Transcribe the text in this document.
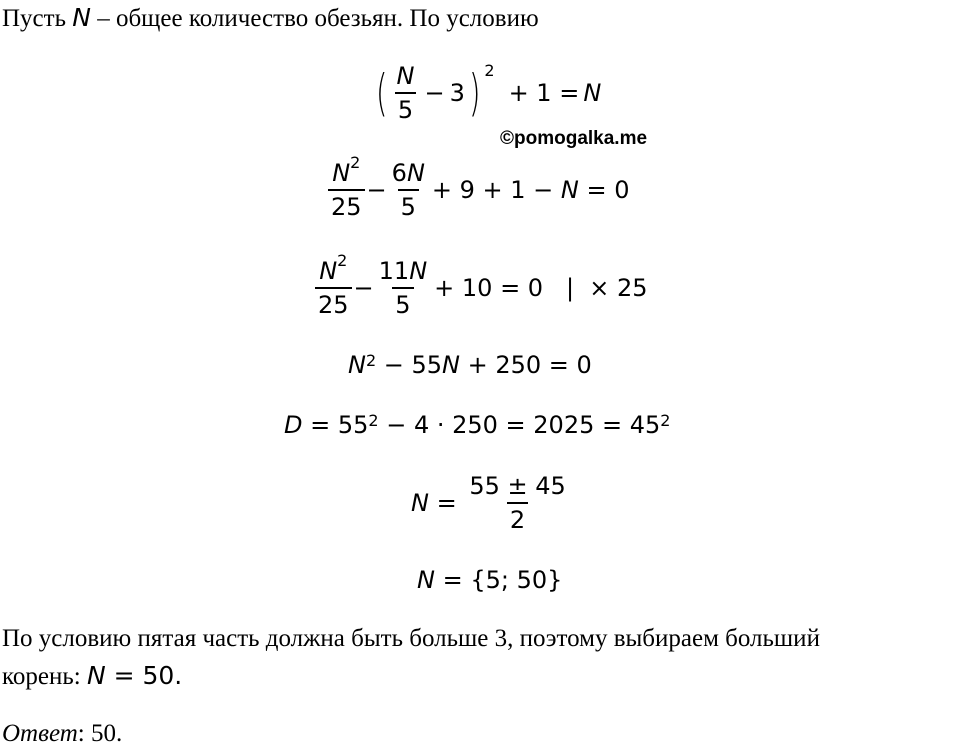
Пусть N – общее количество обезьян. По условию
( $\frac{N}{5} - 3$ )$^2$
+ 1 = N
©pomogalka.me
$\frac{N^2}{25} - \frac{6N}{5} + 9 + 1 - N = 0$
$\frac{N^2}{25} - \frac{11N}{5} + 10 = 0$   |  × 25
$N^2 - 55$ N + 250 = 0
$D = 55^2 - 4 \cdot 250 = 2025 = 45^2$
$N = \frac{55 \pm 45}{2}$
N = {5; 50}
По условию пятая часть должна быть больше 3, поэтому выбираем больший
корень: N = 50.
Ответ: 50.
